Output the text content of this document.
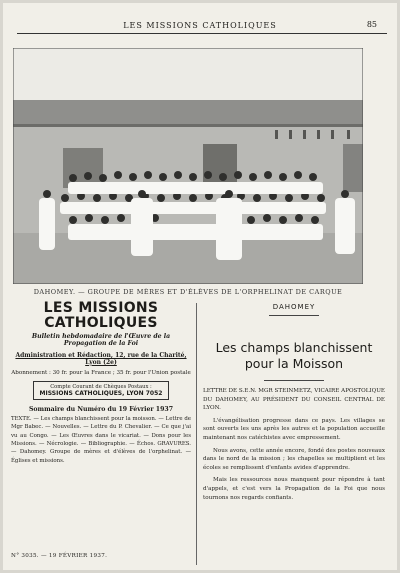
LES MISSIONS CATHOLIQUES	85
DAHOMEY. — GROUPE DE MÈRES ET D'ÉLÈVES DE L'ORPHELINAT DE CARQUE
LES MISSIONS CATHOLIQUES
Bulletin hebdomadaire de l'Œuvre de la Propagation de la Foi
Administration et Rédaction, 12, rue de la Charité, Lyon (2e)
Abonnement : 30 fr. pour la France ; 35 fr. pour l'Union postale
Compte Courant de Chèques Postaux :
MISSIONS CATHOLIQUES, LYON 7052
Sommaire du Numéro du 19 Février 1937
TEXTE. — Les champs blanchissent pour la moisson. — Lettre de Mgr Babec. — Nouvelles. — Lettre du P. Chevalier. — Ce que j'ai vu au Congo. — Les Œuvres dans le vicariat. — Dons pour les Missions. — Nécrologie. — Bibliographie. — Échos. GRAVURES. — Dahomey. Groupe de mères et d'élèves de l'orphelinat. — Églises et missions.
N° 3035. — 19 FÉVRIER 1937.
DAHOMEY
Les champs blanchissent pour la Moisson
LETTRE DE S.E.N. MGR STEINMETZ, VICAIRE APOSTOLIQUE DU DAHOMEY, AU PRÉSIDENT DU CONSEIL CENTRAL DE LYON.
L'évangélisation progresse dans ce pays. Les villages se sont ouverts les uns après les autres et la population accueille maintenant nos catéchistes avec empressement.
Nous avons, cette année encore, fondé des postes nouveaux dans le nord de la mission ; les chapelles se multiplient et les écoles se remplissent d'enfants avides d'apprendre.
Mais les ressources nous manquent pour répondre à tant d'appels, et c'est vers la Propagation de la Foi que nous tournons nos regards confiants.
